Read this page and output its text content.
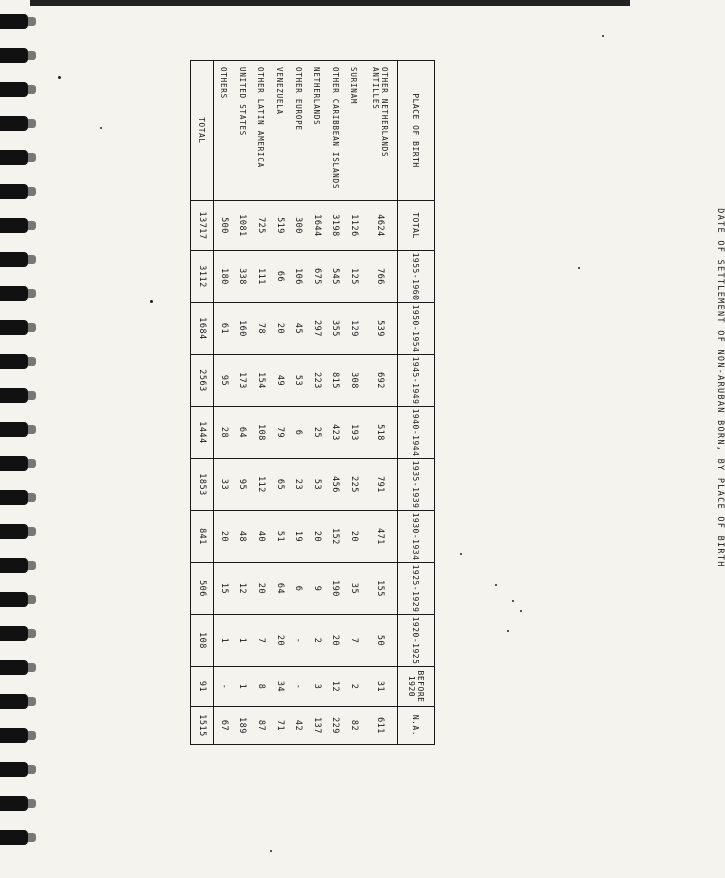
DATE OF SETTLEMENT OF NON-ARUBAN BORN, BY PLACE OF BIRTH
PLACE OF BIRTH	TOTAL	1955-1960	1950-1954	1945-1949	1940-1944	1935-1939	1930-1934	1925-1929	1920-1925	BEFORE 1920	N.A.
OTHER NETHERLANDS ANTILLES	4624	766	539	692	518	791	471	155	50	31	611
SURINAM	1126	125	129	308	193	225	20	35	7	2	82
OTHER CARIBBEAN ISLANDS	3198	545	355	815	423	456	152	190	20	12	229
NETHERLANDS	1644	675	297	223	25	53	20	9	2	3	137
OTHER EUROPE	300	106	45	53	6	23	19	6	-	-	42
VENEZUELA	519	66	20	49	79	65	51	64	20	34	71
OTHER LATIN AMERICA	725	111	78	154	108	112	40	20	7	8	87
UNITED STATES	1081	338	160	173	64	95	48	12	1	1	189
OTHERS	500	180	61	95	28	33	20	15	1	-	67
TOTAL	13717	3112	1684	2563	1444	1853	841	506	108	91	1515
